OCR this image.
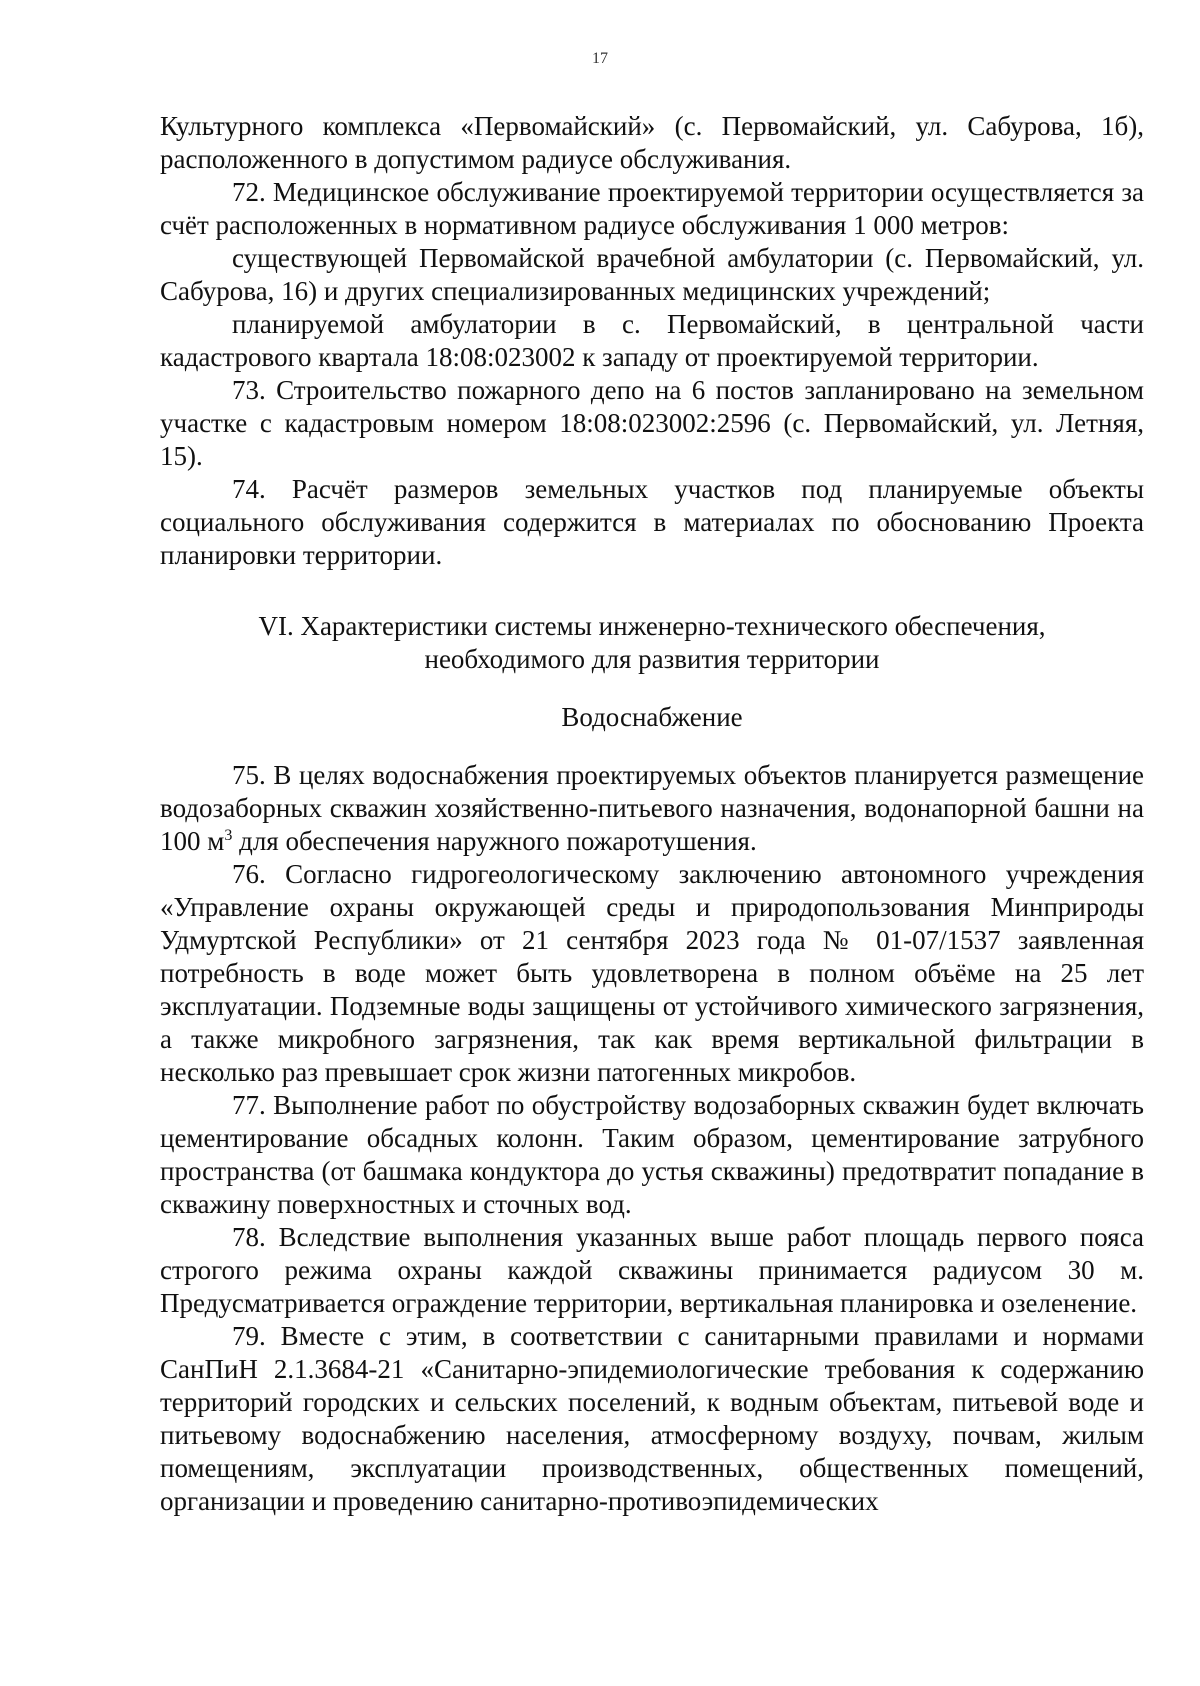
17

Культурного комплекса «Первомайский» (с. Первомайский, ул. Сабурова, 1б), расположенного в допустимом радиусе обслуживания.

72. Медицинское обслуживание проектируемой территории осуществляется за счёт расположенных в нормативном радиусе обслуживания 1 000 метров:

существующей Первомайской врачебной амбулатории (с. Первомайский, ул. Сабурова, 16) и других специализированных медицинских учреждений;

планируемой амбулатории в с. Первомайский, в центральной части кадастрового квартала 18:08:023002 к западу от проектируемой территории.

73. Строительство пожарного депо на 6 постов запланировано на земельном участке с кадастровым номером 18:08:023002:2596 (с. Первомайский, ул. Летняя, 15).

74. Расчёт размеров земельных участков под планируемые объекты социального обслуживания содержится в материалах по обоснованию Проекта планировки территории.

VI. Характеристики системы инженерно-технического обеспечения,
необходимого для развития территории
Водоснабжение

75. В целях водоснабжения проектируемых объектов планируется размещение водозаборных скважин хозяйственно-питьевого назначения, водонапорной башни на 100 $м^3$ для обеспечения наружного пожаротушения.

76. Согласно гидрогеологическому заключению автономного учреждения «Управление охраны окружающей среды и природопользования Минприроды Удмуртской Республики» от 21 сентября 2023 года № 01-07/1537 заявленная потребность в воде может быть удовлетворена в полном объёме на 25 лет эксплуатации. Подземные воды защищены от устойчивого химического загрязнения, а также микробного загрязнения, так как время вертикальной фильтрации в несколько раз превышает срок жизни патогенных микробов.

77. Выполнение работ по обустройству водозаборных скважин будет включать цементирование обсадных колонн. Таким образом, цементирование затрубного пространства (от башмака кондуктора до устья скважины) предотвратит попадание в скважину поверхностных и сточных вод.

78. Вследствие выполнения указанных выше работ площадь первого пояса строгого режима охраны каждой скважины принимается радиусом 30 м. Предусматривается ограждение территории, вертикальная планировка и озеленение.

79. Вместе с этим, в соответствии с санитарными правилами и нормами СанПиН 2.1.3684-21 «Санитарно-эпидемиологические требования к содержанию территорий городских и сельских поселений, к водным объектам, питьевой воде и питьевому водоснабжению населения, атмосферному воздуху, почвам, жилым помещениям, эксплуатации производственных, общественных помещений, организации и проведению санитарно-противоэпидемических
